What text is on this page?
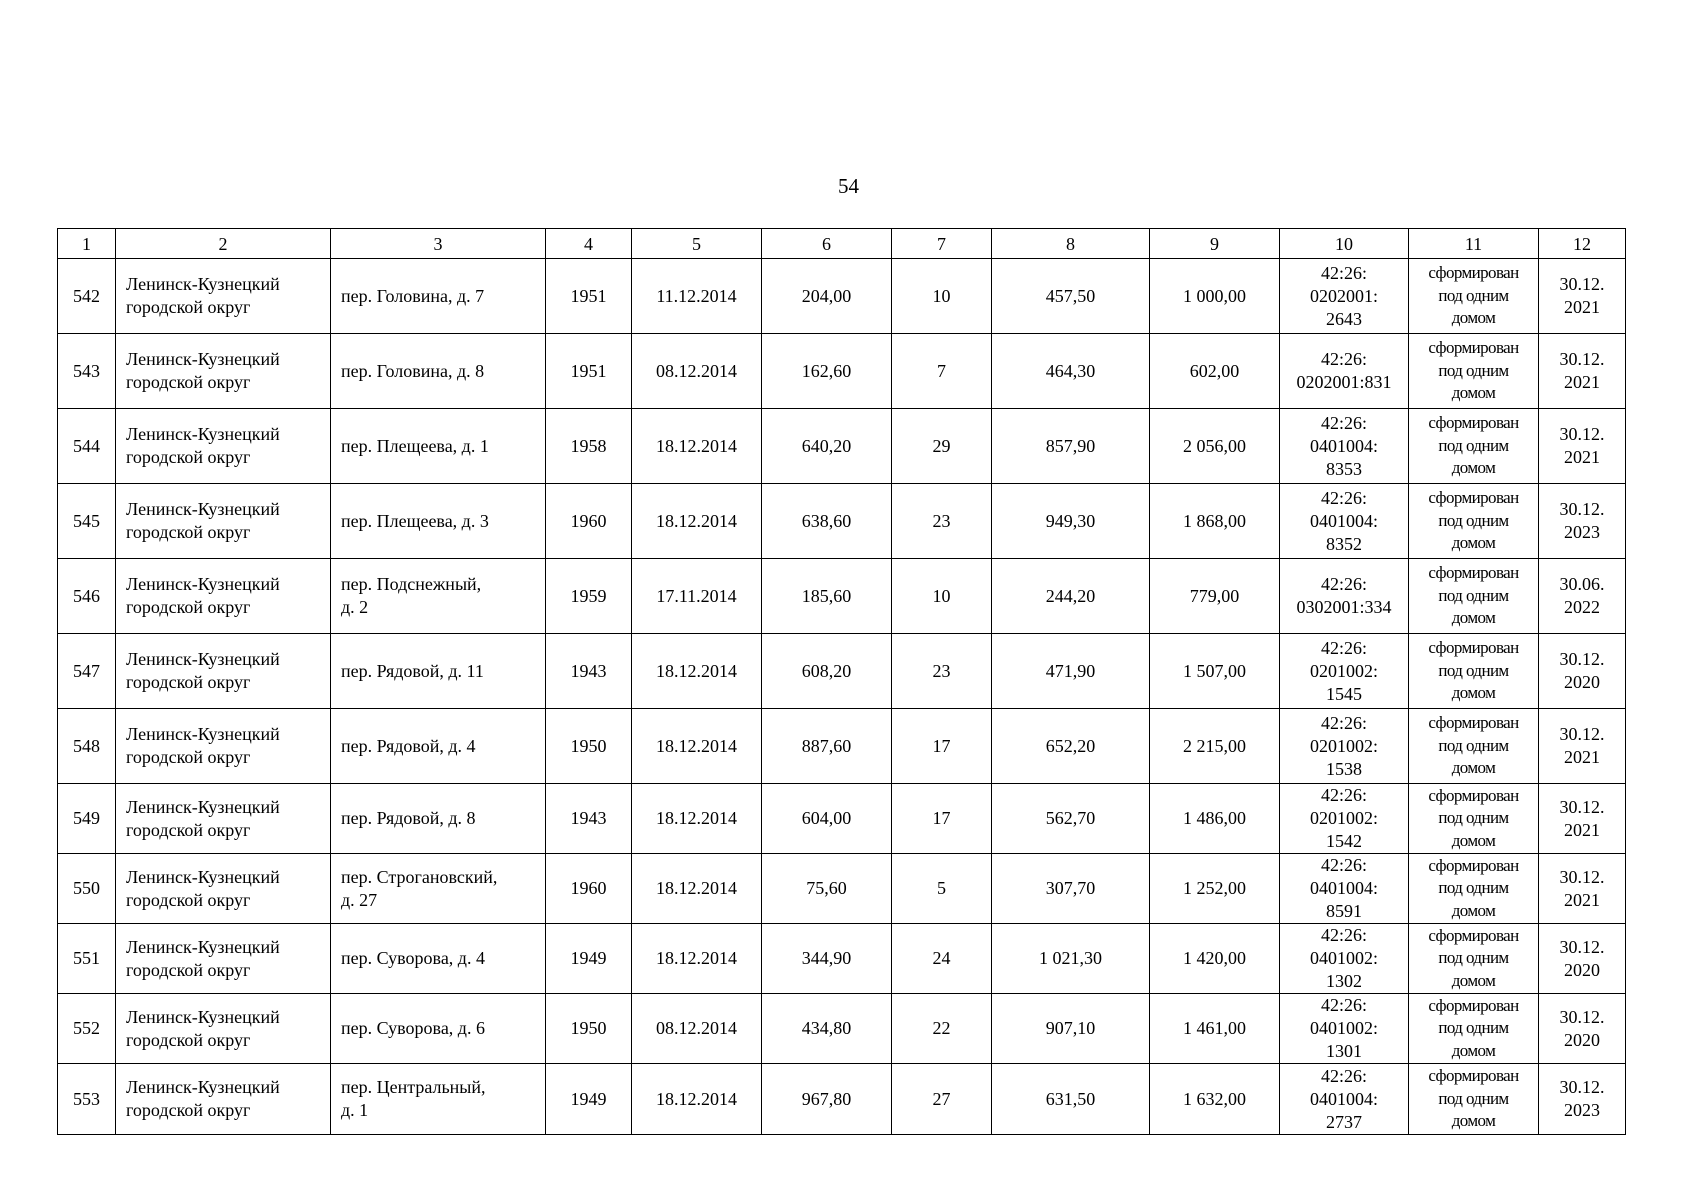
54
1	2	3	4	5	6	7	8	9	10	11	12
542	Ленинск-Кузнецкий
городской округ	пер. Головина, д. 7	1951	11.12.2014	204,00	10	457,50	1 000,00	42:26:
0202001:
2643	сформирован
под одним
домом	30.12.
2021

543	Ленинск-Кузнецкий
городской округ	пер. Головина, д. 8	1951	08.12.2014	162,60	7	464,30	602,00	42:26:
0202001:831	сформирован
под одним
домом	30.12.
2021

544	Ленинск-Кузнецкий
городской округ	пер. Плещеева, д. 1	1958	18.12.2014	640,20	29	857,90	2 056,00	42:26:
0401004:
8353	сформирован
под одним
домом	30.12.
2021

545	Ленинск-Кузнецкий
городской округ	пер. Плещеева, д. 3	1960	18.12.2014	638,60	23	949,30	1 868,00	42:26:
0401004:
8352	сформирован
под одним
домом	30.12.
2023

546	Ленинск-Кузнецкий
городской округ	пер. Подснежный,
д. 2	1959	17.11.2014	185,60	10	244,20	779,00	42:26:
0302001:334	сформирован
под одним
домом	30.06.
2022

547	Ленинск-Кузнецкий
городской округ	пер. Рядовой, д. 11	1943	18.12.2014	608,20	23	471,90	1 507,00	42:26:
0201002:
1545	сформирован
под одним
домом	30.12.
2020

548	Ленинск-Кузнецкий
городской округ	пер. Рядовой, д. 4	1950	18.12.2014	887,60	17	652,20	2 215,00	42:26:
0201002:
1538	сформирован
под одним
домом	30.12.
2021

549	Ленинск-Кузнецкий
городской округ	пер. Рядовой, д. 8	1943	18.12.2014	604,00	17	562,70	1 486,00	42:26:
0201002:
1542	сформирован
под одним
домом	30.12.
2021

550	Ленинск-Кузнецкий
городской округ	пер. Строгановский,
д. 27	1960	18.12.2014	75,60	5	307,70	1 252,00	42:26:
0401004:
8591	сформирован
под одним
домом	30.12.
2021

551	Ленинск-Кузнецкий
городской округ	пер. Суворова, д. 4	1949	18.12.2014	344,90	24	1 021,30	1 420,00	42:26:
0401002:
1302	сформирован
под одним
домом	30.12.
2020

552	Ленинск-Кузнецкий
городской округ	пер. Суворова, д. 6	1950	08.12.2014	434,80	22	907,10	1 461,00	42:26:
0401002:
1301	сформирован
под одним
домом	30.12.
2020

553	Ленинск-Кузнецкий
городской округ	пер. Центральный,
д. 1	1949	18.12.2014	967,80	27	631,50	1 632,00	42:26:
0401004:
2737	сформирован
под одним
домом	30.12.
2023
